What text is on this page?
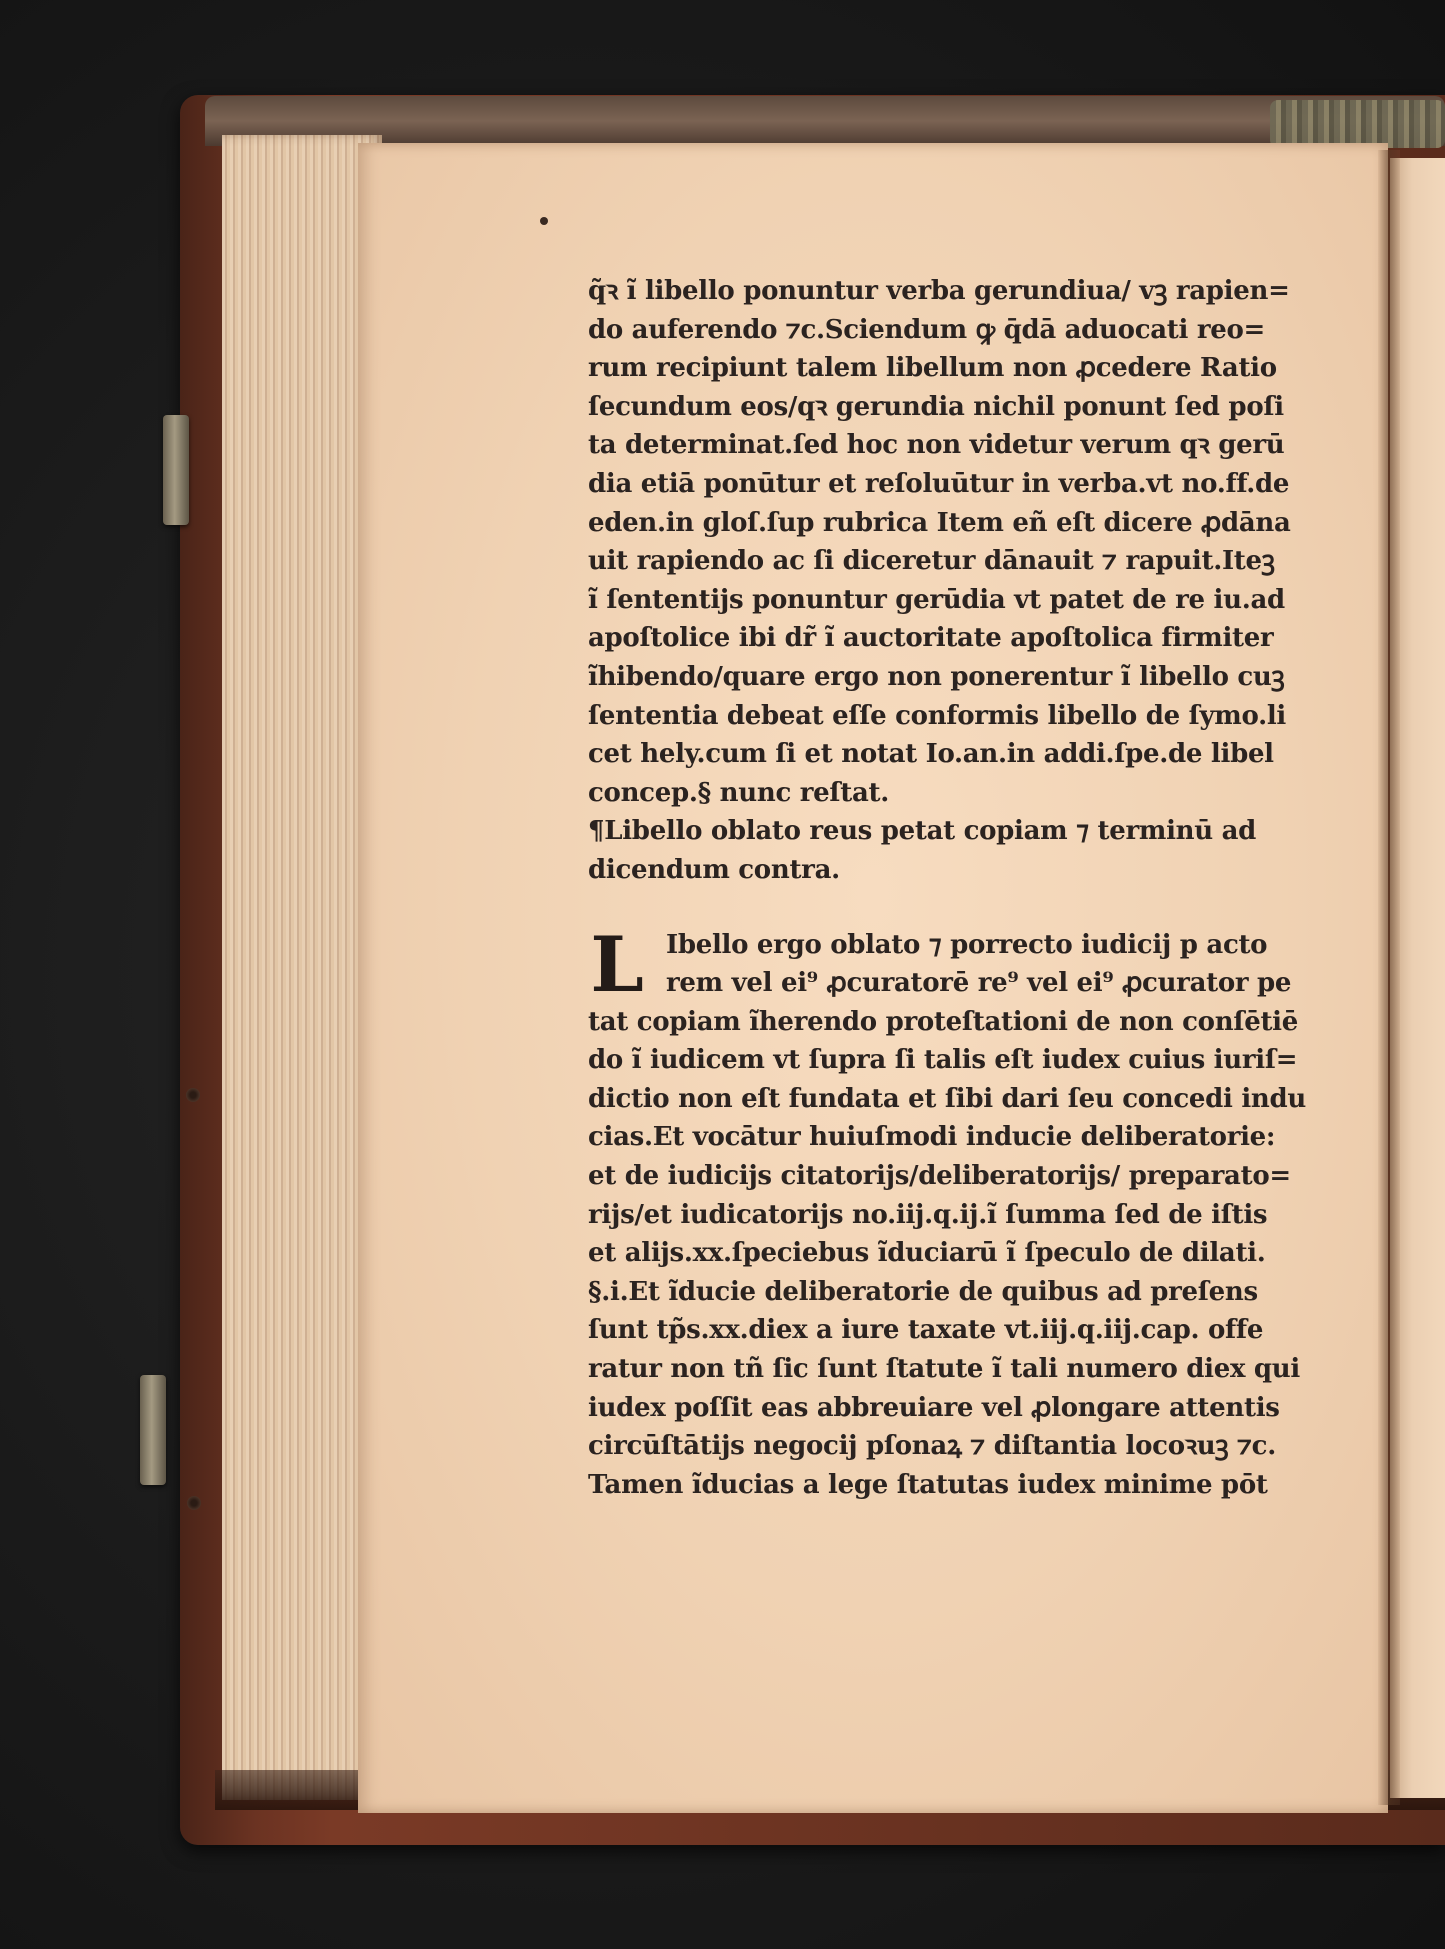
q̃ꝛ ĩ libello ponuntur verba gerundiua/ vꝫ rapien=
do auferendo ⁊c.Sciendum ꝙ q̄dā aduocati reo=
rum recipiunt talem libellum non ꝓcedere Ratio
ſecundum eos/qꝛ gerundia nichil ponunt ſed poſi
ta determinat.ſed hoc non videtur verum qꝛ gerū
dia etiā ponūtur et reſoluūtur in verba.vt no.ff.de
eden.in gloſ.ſup rubrica Item eñ eſt dicere ꝓdāna
uit rapiendo ac ſi diceretur dānauit ⁊ rapuit.Iteꝫ
ĩ ſententijs ponuntur gerūdia vt patet de re iu.ad
apoſtolice ibi dr̃ ĩ auctoritate apoſtolica firmiter
ĩhibendo/quare ergo non ponerentur ĩ libello cuꝫ
ſententia debeat eſſe conformis libello de ſymo.li
cet hely.cum ſi et notat Io.an.in addi.ſpe.de libel
concep.§ nunc reſtat.
¶Libello oblato reus petat copiam ⁊ terminū ad
dicendum contra.
L Ibello ergo oblato ⁊ porrecto iudicij p acto
rem vel ei⁹ ꝓcuratorē re⁹ vel ei⁹ ꝓcurator pe
tat copiam ĩherendo proteſtationi de non conſētiē
do ĩ iudicem vt ſupra ſi talis eſt iudex cuius iuriſ=
dictio non eſt fundata et ſibi dari ſeu concedi indu
cias.Et vocātur huiuſmodi inducie deliberatorie:
et de iudicijs citatorijs/deliberatorijs/ preparato=
rijs/et iudicatorijs no.iij.q.ij.ĩ ſumma ſed de iſtis
et alijs.xx.ſpeciebus ĩduciarū ĩ ſpeculo de dilati.
§.i.Et ĩducie deliberatorie de quibus ad preſens
ſunt tp̃s.xx.diex a iure taxate vt.iij.q.iij.cap. offe
ratur non tñ ſic ſunt ſtatute ĩ tali numero diex qui
iudex poſſit eas abbreuiare vel ꝓlongare attentis
circūſtātijs negocij pſonaꝝ ⁊ diſtantia locoꝛuꝫ ⁊c.
Tamen ĩducias a lege ſtatutas iudex minime pōt
